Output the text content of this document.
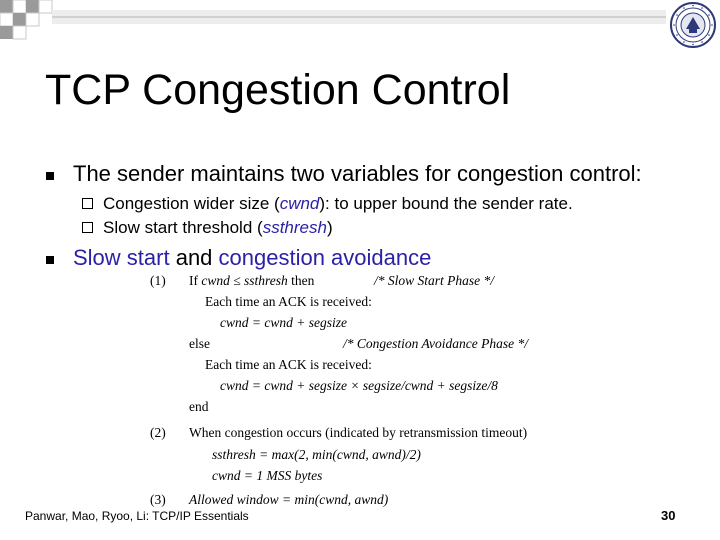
TCP Congestion Control
The sender maintains two variables for congestion control:
Congestion wider size (cwnd): to upper bound the sender rate.
Slow start threshold (ssthresh)
Slow start and congestion avoidance
(1) If cwnd ≤ ssthresh then	/* Slow Start Phase */
Each time an ACK is received:
cwnd = cwnd + segsize
else	/* Congestion Avoidance Phase */
Each time an ACK is received:
cwnd = cwnd + segsize × segsize/cwnd + segsize/8
end
(2) When congestion occurs (indicated by retransmission timeout)
ssthresh = max(2, min(cwnd, awnd)/2)
cwnd = 1 MSS bytes
(3) Allowed window = min(cwnd, awnd)
Panwar, Mao, Ryoo, Li: TCP/IP Essentials	30
